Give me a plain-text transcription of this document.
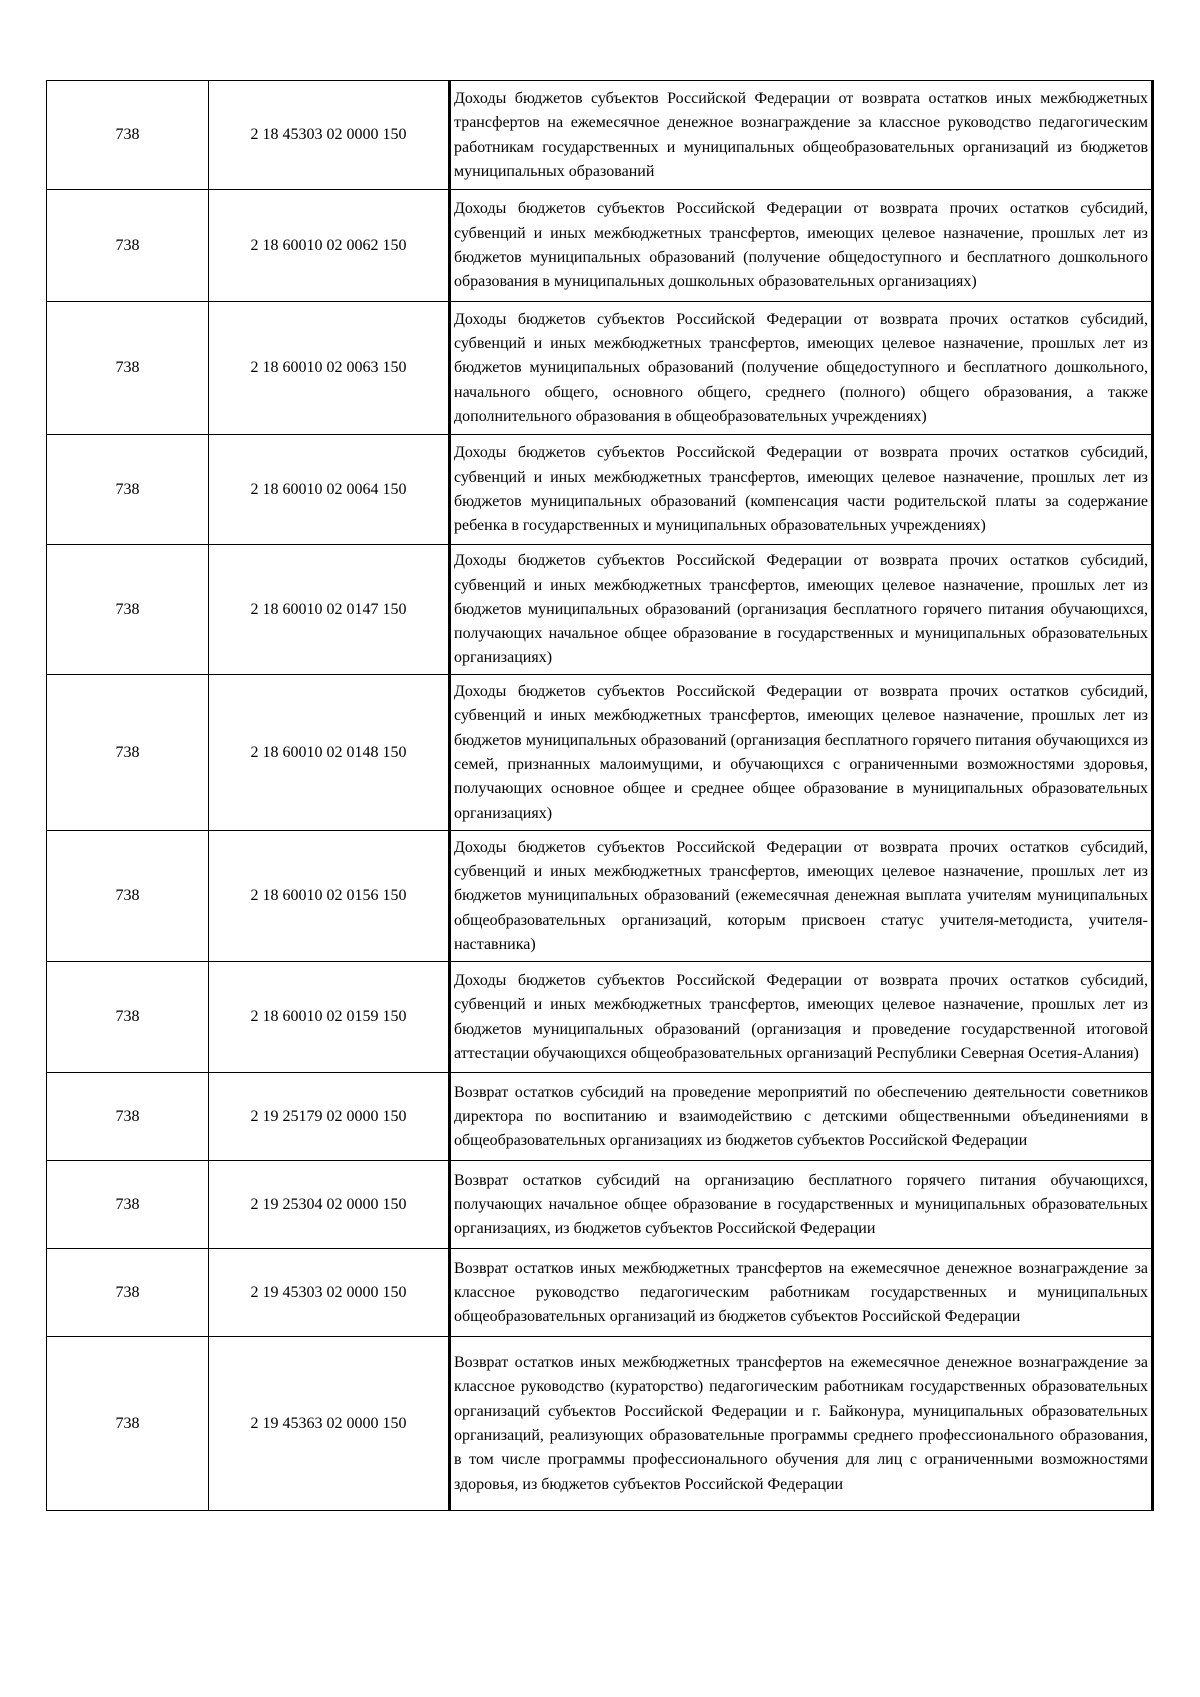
738	2 18 45303 02 0000 150	Доходы бюджетов субъектов Российской Федерации от возврата остатков иных межбюджетных трансфертов на ежемесячное денежное вознаграждение за классное руководство педагогическим работникам государственных и муниципальных общеобразовательных организаций из бюджетов муниципальных образований
738	2 18 60010 02 0062 150	Доходы бюджетов субъектов Российской Федерации от возврата прочих остатков субсидий, субвенций и иных межбюджетных трансфертов, имеющих целевое назначение, прошлых лет из бюджетов муниципальных образований (получение общедоступного и бесплатного дошкольного образования в муниципальных дошкольных образовательных организациях)
738	2 18 60010 02 0063 150	Доходы бюджетов субъектов Российской Федерации от возврата прочих остатков субсидий, субвенций и иных межбюджетных трансфертов, имеющих целевое назначение, прошлых лет из бюджетов муниципальных образований (получение общедоступного и бесплатного дошкольного, начального общего, основного общего, среднего (полного) общего образования, а также дополнительного образования в общеобразовательных учреждениях)
738	2 18 60010 02 0064 150	Доходы бюджетов субъектов Российской Федерации от возврата прочих остатков субсидий, субвенций и иных межбюджетных трансфертов, имеющих целевое назначение, прошлых лет из бюджетов муниципальных образований (компенсация части родительской платы за содержание ребенка в государственных и муниципальных образовательных учреждениях)
738	2 18 60010 02 0147 150	Доходы бюджетов субъектов Российской Федерации от возврата прочих остатков субсидий, субвенций и иных межбюджетных трансфертов, имеющих целевое назначение, прошлых лет из бюджетов муниципальных образований (организация бесплатного горячего питания обучающихся, получающих начальное общее образование в государственных и муниципальных образовательных организациях)
738	2 18 60010 02 0148 150	Доходы бюджетов субъектов Российской Федерации от возврата прочих остатков субсидий, субвенций и иных межбюджетных трансфертов, имеющих целевое назначение, прошлых лет из бюджетов муниципальных образований (организация бесплатного горячего питания обучающихся из семей, признанных малоимущими, и обучающихся с ограниченными возможностями здоровья, получающих основное общее и среднее общее образование в муниципальных образовательных организациях)
738	2 18 60010 02 0156 150	Доходы бюджетов субъектов Российской Федерации от возврата прочих остатков субсидий, субвенций и иных межбюджетных трансфертов, имеющих целевое назначение, прошлых лет из бюджетов муниципальных образований (ежемесячная денежная выплата учителям муниципальных общеобразовательных организаций, которым присвоен статус учителя-методиста, учителя-наставника)
738	2 18 60010 02 0159 150	Доходы бюджетов субъектов Российской Федерации от возврата прочих остатков субсидий, субвенций и иных межбюджетных трансфертов, имеющих целевое назначение, прошлых лет из бюджетов муниципальных образований (организация и проведение государственной итоговой аттестации обучающихся общеобразовательных организаций Республики Северная Осетия-Алания)
738	2 19 25179 02 0000 150	Возврат остатков субсидий на проведение мероприятий по обеспечению деятельности советников директора по воспитанию и взаимодействию с детскими общественными объединениями в общеобразовательных организациях из бюджетов субъектов Российской Федерации
738	2 19 25304 02 0000 150	Возврат остатков субсидий на организацию бесплатного горячего питания обучающихся, получающих начальное общее образование в государственных и муниципальных образовательных организациях, из бюджетов субъектов Российской Федерации
738	2 19 45303 02 0000 150	Возврат остатков иных межбюджетных трансфертов на ежемесячное денежное вознаграждение за классное руководство педагогическим работникам государственных и муниципальных общеобразовательных организаций из бюджетов субъектов Российской Федерации
738	2 19 45363 02 0000 150	Возврат остатков иных межбюджетных трансфертов на ежемесячное денежное вознаграждение за классное руководство (кураторство) педагогическим работникам государственных образовательных организаций субъектов Российской Федерации и г. Байконура, муниципальных образовательных организаций, реализующих образовательные программы среднего профессионального образования, в том числе программы профессионального обучения для лиц с ограниченными возможностями здоровья, из бюджетов субъектов Российской Федерации
